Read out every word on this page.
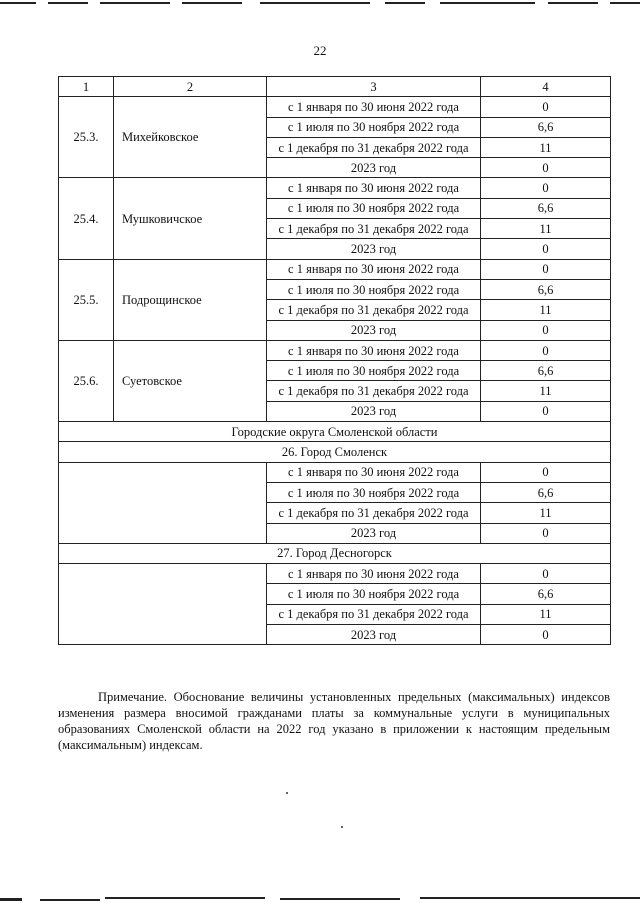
22
1	2	3	4
25.3.	Михейковское	с 1 января по 30 июня 2022 года	0
		с 1 июля по 30 ноября 2022 года	6,6
		с 1 декабря по 31 декабря 2022 года	11
		2023 год	0
25.4.	Мушковичское	с 1 января по 30 июня 2022 года	0
		с 1 июля по 30 ноября 2022 года	6,6
		с 1 декабря по 31 декабря 2022 года	11
		2023 год	0
25.5.	Подрощинское	с 1 января по 30 июня 2022 года	0
		с 1 июля по 30 ноября 2022 года	6,6
		с 1 декабря по 31 декабря 2022 года	11
		2023 год	0
25.6.	Суетовское	с 1 января по 30 июня 2022 года	0
		с 1 июля по 30 ноября 2022 года	6,6
		с 1 декабря по 31 декабря 2022 года	11
		2023 год	0
Городские округа Смоленской области			
26. Город Смоленск			
		с 1 января по 30 июня 2022 года	0
		с 1 июля по 30 ноября 2022 года	6,6
		с 1 декабря по 31 декабря 2022 года	11
		2023 год	0
27. Город Десногорск			
		с 1 января по 30 июня 2022 года	0
		с 1 июля по 30 ноября 2022 года	6,6
		с 1 декабря по 31 декабря 2022 года	11
		2023 год	0
Примечание. Обоснование величины установленных предельных (максимальных) индексов изменения размера вносимой гражданами платы за коммунальные услуги в муниципальных образованиях Смоленской области на 2022 год указано в приложении к настоящим предельным (максимальным) индексам.
